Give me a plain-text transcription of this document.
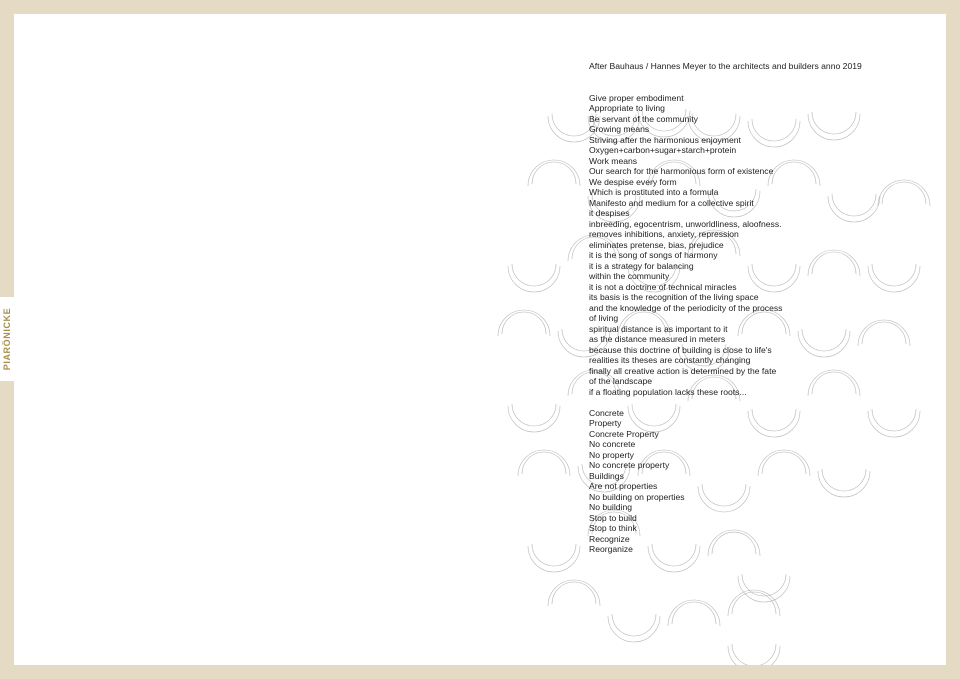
After Bauhaus / Hannes Meyer to the architects and builders anno 2019
Give proper embodiment
Appropriate to living
Be servant of the community
Growing means
Striving after the harmonious enjoyment
Oxygen+carbon+sugar+starch+protein
Work means
Our search for the harmonious form of existence
We despise every form
Which is prostituted into a formula
Manifesto and medium for a collective spirit
it despises
inbreeding, egocentrism, unworldliness, aloofness.
removes inhibitions, anxiety, repression
eliminates pretense, bias, prejudice
it is the song of songs of harmony
it is a strategy for balancing
within the community
it is not a doctrine of technical miracles
its basis is the recognition of the living space
and the knowledge of the periodicity of the process
of living
spiritual distance is as important to it
as the distance measured in meters
because this doctrine of building is close to life's
realities its theses are constantly changing
finally all creative action is determined by the fate
of the landscape
if a floating population lacks these roots...
Concrete
Property
Concrete Property
No concrete
No property
No concrete property
Buildings
Are not properties
No building on properties
No building
Stop to build
Stop to think
Recognize
Reorganize
PIARÖNICKE
